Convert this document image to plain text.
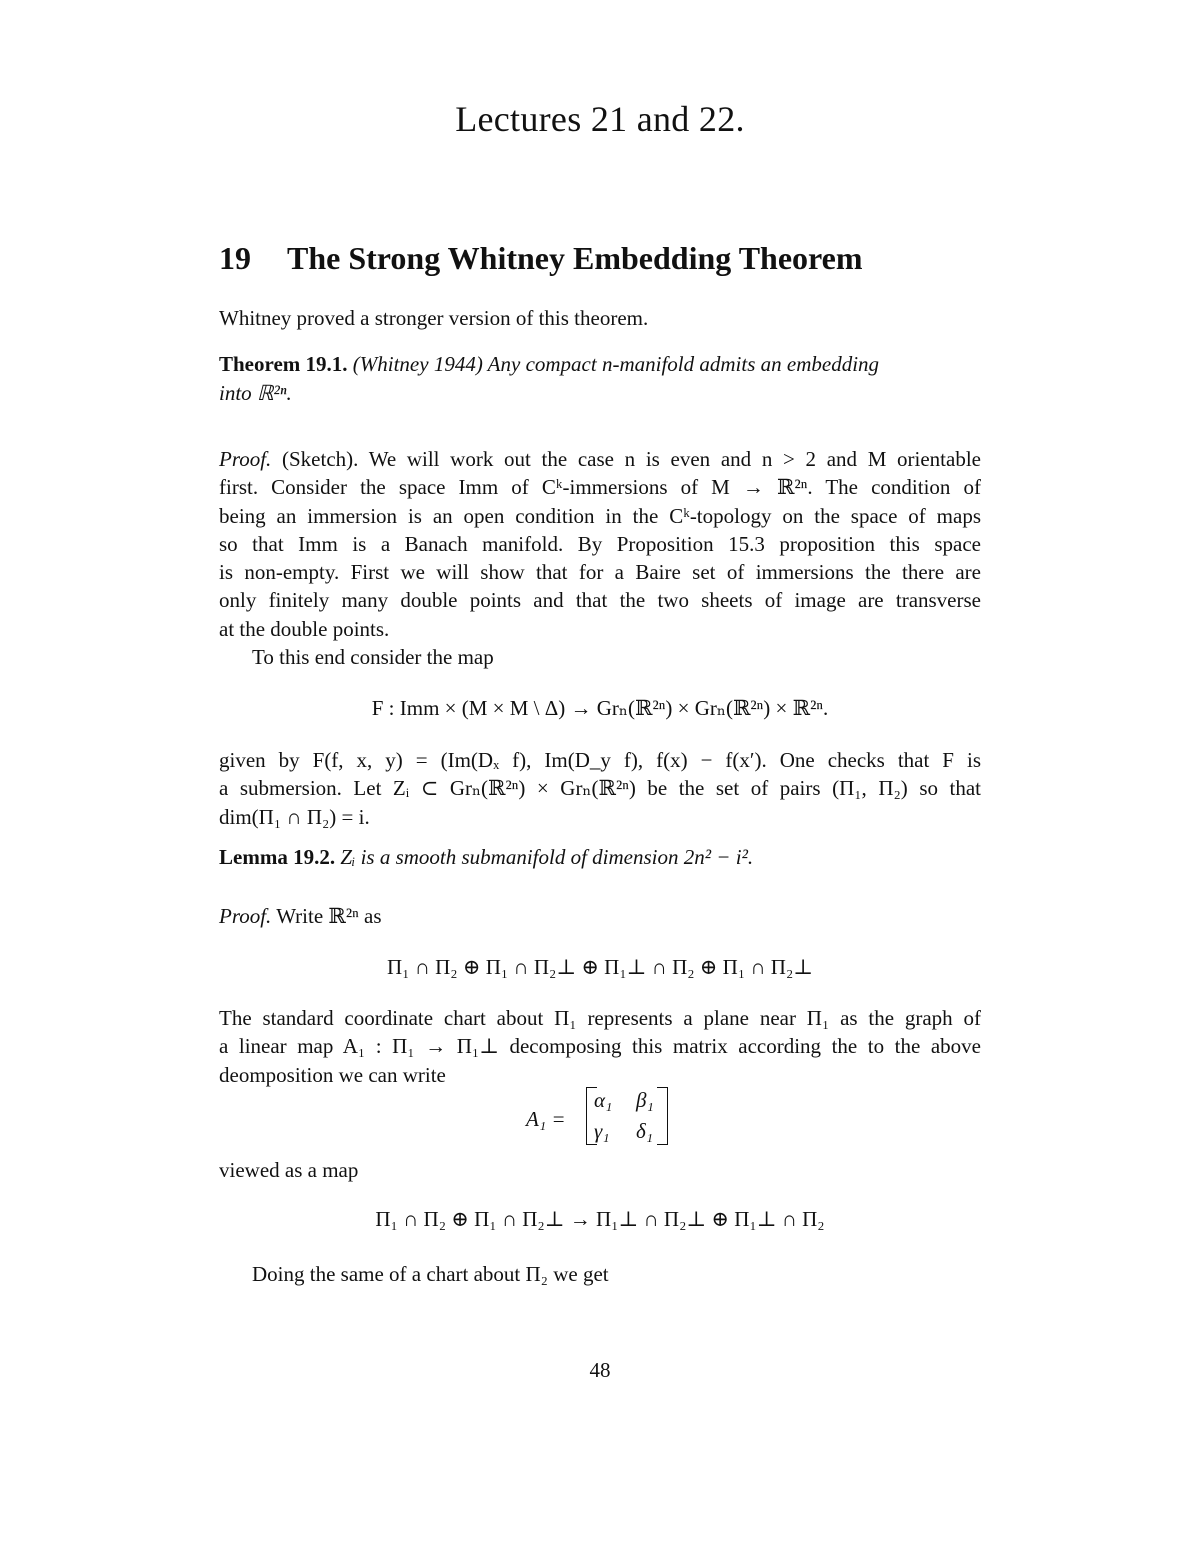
Lectures 21 and 22.
19 The Strong Whitney Embedding Theorem
Whitney proved a stronger version of this theorem.
Theorem 19.1. (Whitney 1944) Any compact n-manifold admits an embedding
into ℝ²ⁿ.
Proof. (Sketch). We will work out the case n is even and n > 2 and M orientable
first. Consider the space Imm of Cᵏ-immersions of M → ℝ²ⁿ. The condition of
being an immersion is an open condition in the Cᵏ-topology on the space of maps
so that Imm is a Banach manifold. By Proposition 15.3 proposition this space
is non-empty. First we will show that for a Baire set of immersions the there are
only finitely many double points and that the two sheets of image are transverse
at the double points.
To this end consider the map
F : Imm × (M × M \ Δ) → Grₙ(ℝ²ⁿ) × Grₙ(ℝ²ⁿ) × ℝ²ⁿ.
given by F(f, x, y) = (Im(Dₓ f), Im(D_y f), f(x) − f(x′). One checks that F is
a submersion. Let Zᵢ ⊂ Grₙ(ℝ²ⁿ) × Grₙ(ℝ²ⁿ) be the set of pairs (Π₁, Π₂) so that
dim(Π₁ ∩ Π₂) = i.
Lemma 19.2. Zᵢ is a smooth submanifold of dimension 2n² − i².
Proof. Write ℝ²ⁿ as
Π₁ ∩ Π₂ ⊕ Π₁ ∩ Π₂⊥ ⊕ Π₁⊥ ∩ Π₂ ⊕ Π₁ ∩ Π₂⊥
The standard coordinate chart about Π₁ represents a plane near Π₁ as the graph of
a linear map A₁ : Π₁ → Π₁⊥ decomposing this matrix according the to the above
deomposition we can write
A₁ =
α₁ β₁
γ₁ δ₁
viewed as a map
Π₁ ∩ Π₂ ⊕ Π₁ ∩ Π₂⊥ → Π₁⊥ ∩ Π₂⊥ ⊕ Π₁⊥ ∩ Π₂
Doing the same of a chart about Π₂ we get
48
